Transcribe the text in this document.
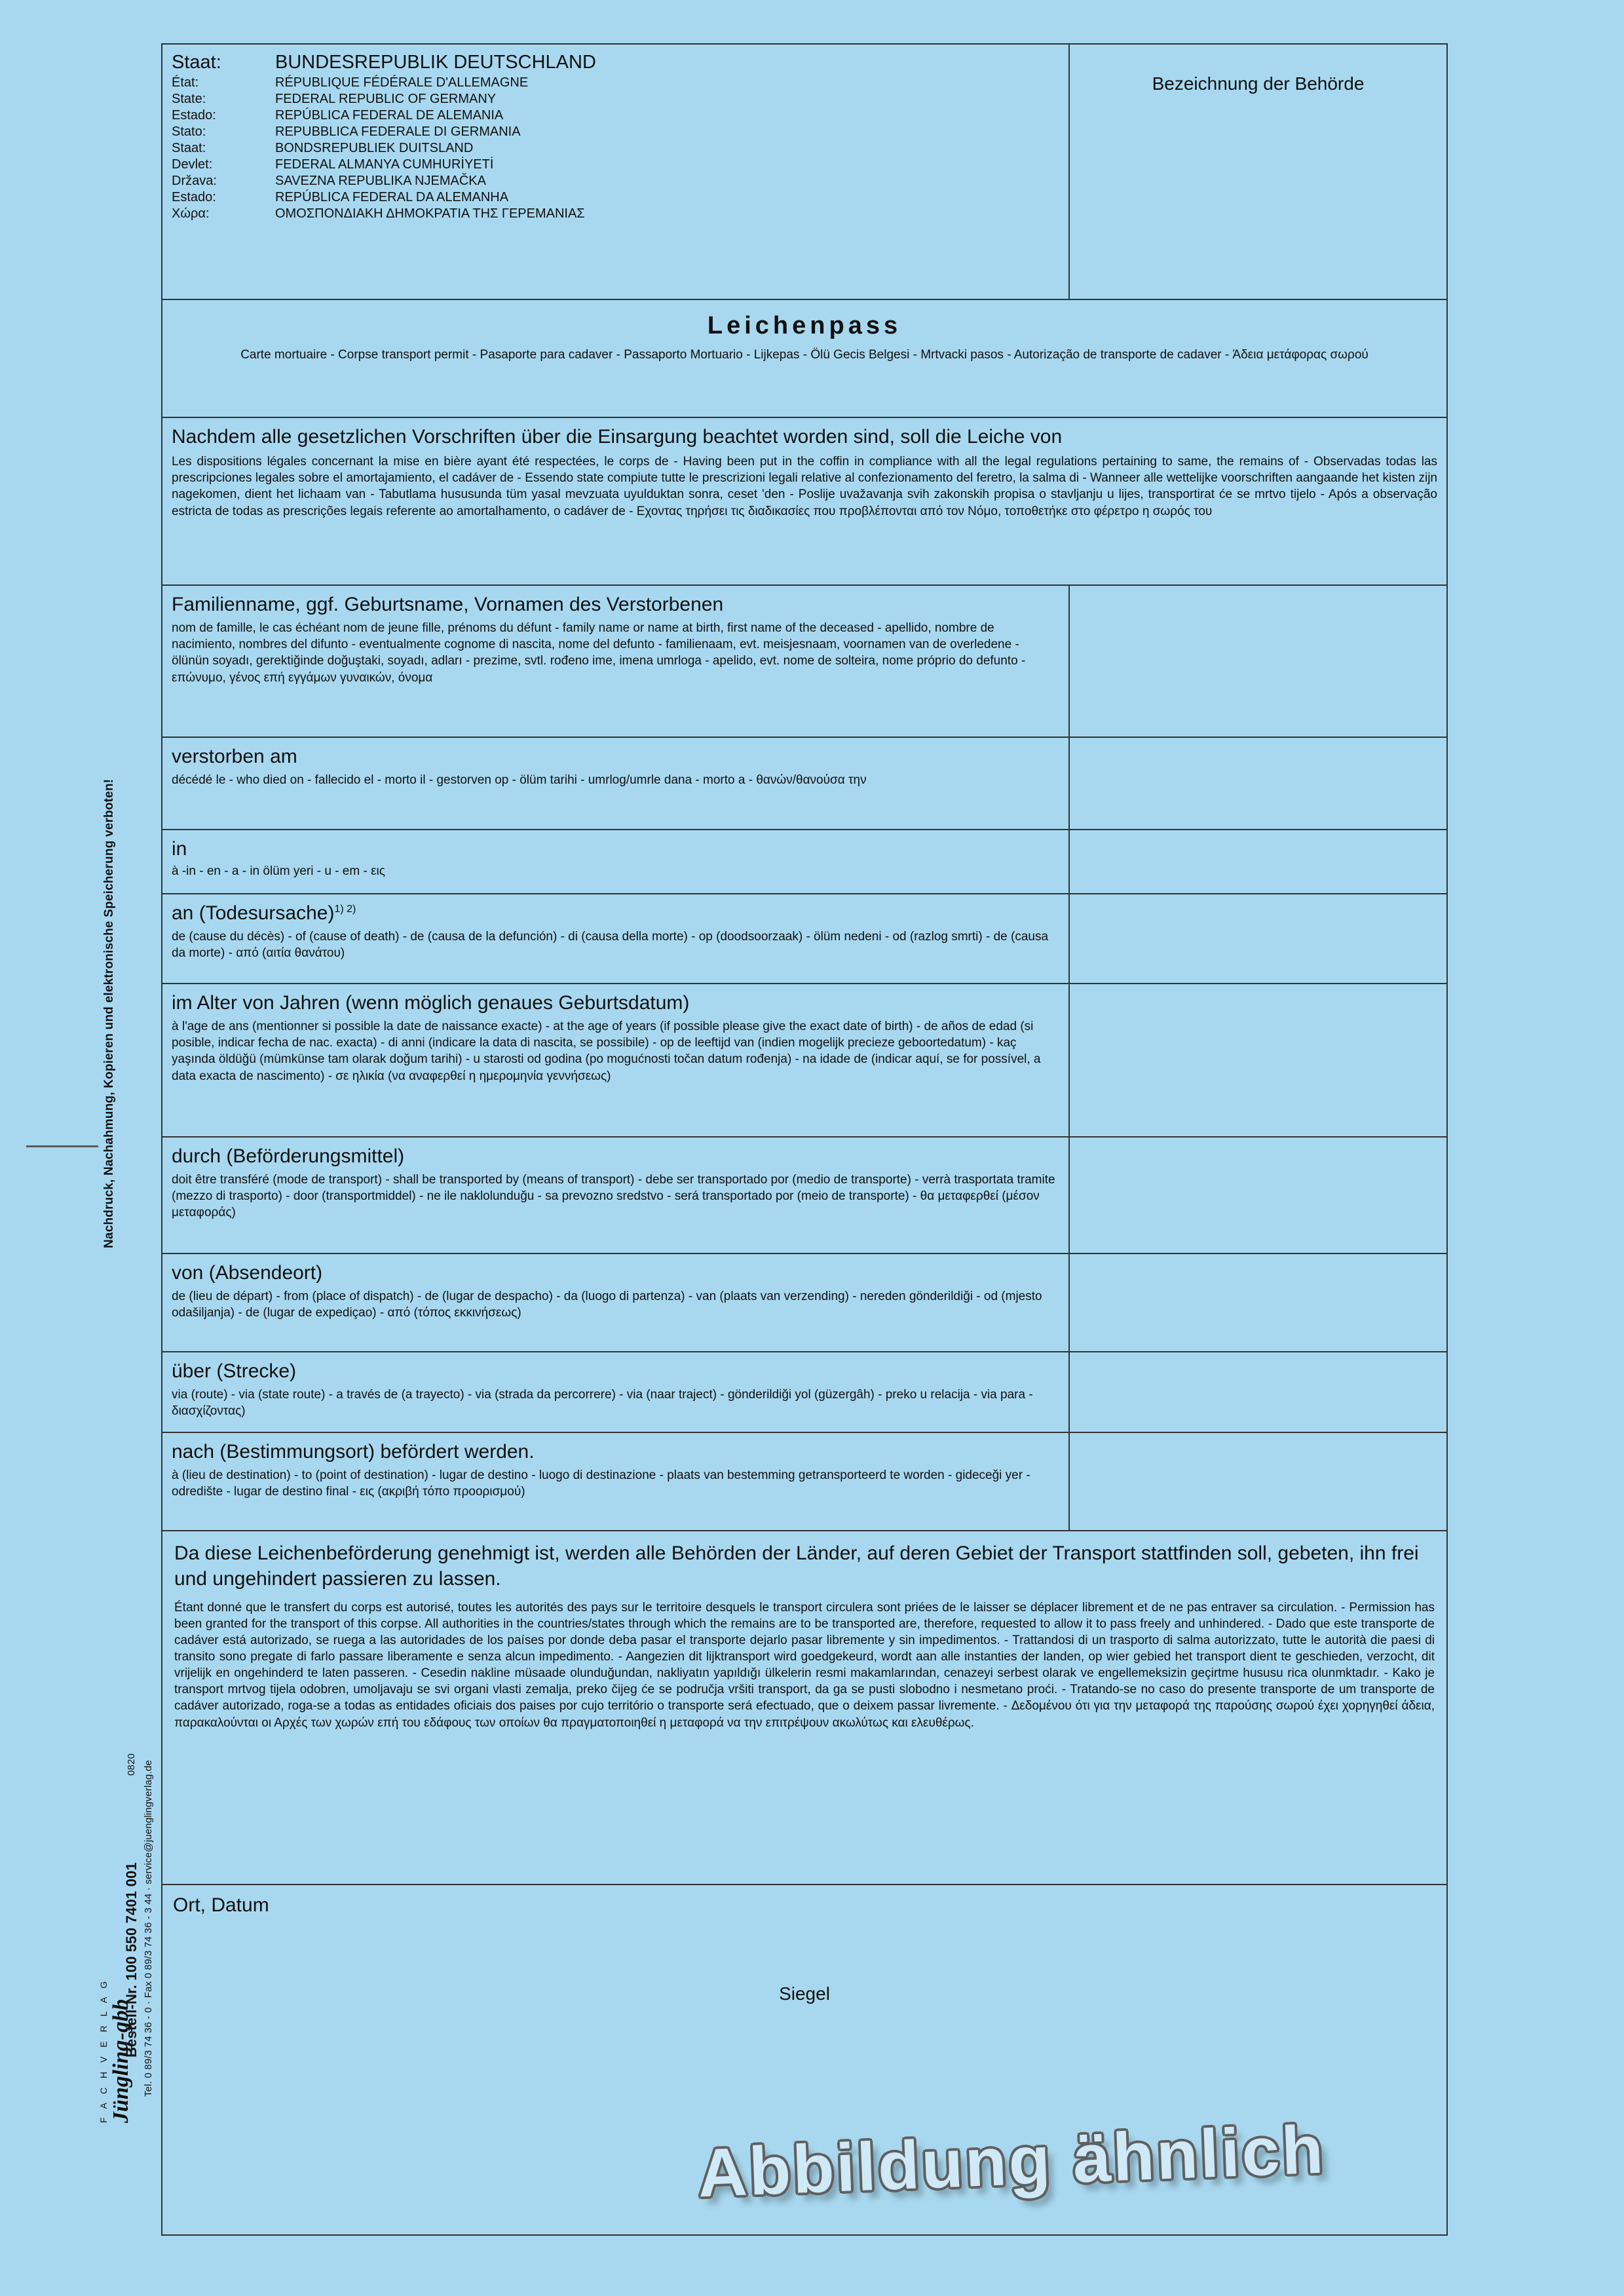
Nachdruck, Nachahmung, Kopieren und elektronische Speicherung verboten!
Bestell-Nr. 100 550 7401 001 Tel. 0 89/3 74 36 - 0 · Fax 0 89/3 74 36 - 3 44 · service@juenglingverlag.de
0820
F A C H V E R L A G Jüngling-gbb
Staat:	BUNDESREPUBLIK DEUTSCHLAND
État:	RÉPUBLIQUE FÉDÉRALE D'ALLEMAGNE
State:	FEDERAL REPUBLIC OF GERMANY
Estado:	REPÚBLICA FEDERAL DE ALEMANIA
Stato:	REPUBBLICA FEDERALE DI GERMANIA
Staat:	BONDSREPUBLIEK DUITSLAND
Devlet:	FEDERAL ALMANYA CUMHURİYETİ
Država:	SAVEZNA REPUBLIKA NJEMAČKA
Estado:	REPÚBLICA FEDERAL DA ALEMANHA
Χώρα:	ΟΜΟΣΠΟΝΔΙΑΚΗ ΔΗΜΟΚΡΑΤΙΑ ΤΗΣ ΓΕΡΕΜΑΝΙΑΣ
Bezeichnung der Behörde
Leichenpass
Carte mortuaire - Corpse transport permit - Pasaporte para cadaver - Passaporto Mortuario - Lijkepas - Ölü Gecis Belgesi - Mrtvacki pasos - Autorização de transporte de cadaver - Άδεια μετάφορας σωρού
Nachdem alle gesetzlichen Vorschriften über die Einsargung beachtet worden sind, soll die Leiche von
Les dispositions légales concernant la mise en bière ayant été respectées, le corps de - Having been put in the coffin in compliance with all the legal regulations pertaining to same, the remains of - Observadas todas las prescripciones legales sobre el amortajamiento, el cadáver de - Essendo state compiute tutte le prescrizioni legali relative al confezionamento del feretro, la salma di - Wanneer alle wettelijke voorschriften aangaande het kisten zijn nagekomen, dient het lichaam van - Tabutlama hususunda tüm yasal mevzuata uyulduktan sonra, ceset 'den - Poslije uvažavanja svih zakonskih propisa o stavljanju u lijes, transportirat će se mrtvo tijelo - Após a observação estricta de todas as prescrições legais referente ao amortalhamento, o cadáver de - Εχοντας τηρήσει τις διαδικασίες που προβλέπονται από τον Νόμο, τοποθετήκε στο φέρετρο η σωρός του
Familienname, ggf. Geburtsname, Vornamen des Verstorbenen
nom de famille, le cas échéant nom de jeune fille, prénoms du défunt - family name or name at birth, first name of the deceased - apellido, nombre de nacimiento, nombres del difunto - eventualmente cognome di nascita, nome del defunto - familienaam, evt. meisjesnaam, voornamen van de overledene - ölünün soyadı, gerektiğinde doğuştaki, soyadı, adları - prezime, svtl. rođeno ime, imena umrloga - apelido, evt. nome de solteira, nome próprio do defunto - επώνυμο, γένος επή εγγάμων γυναικών, όνομα
verstorben am
décédé le - who died on - fallecido el - morto il - gestorven op - ölüm tarihi - umrlog/umrle dana - morto a - θανών/θανούσα την
in
à -in - en - a - in ölüm yeri - u - em - εις
an (Todesursache)$^{1) 2)}$
de (cause du décès) - of (cause of death) - de (causa de la defunción) - di (causa della morte) - op (doodsoorzaak) - ölüm nedeni - od (razlog smrti) - de (causa da morte) - από (αιτία θανάτου)
im Alter von Jahren (wenn möglich genaues Geburtsdatum)
à l'age de ans (mentionner si possible la date de naissance exacte) - at the age of years (if possible please give the exact date of birth) - de años de edad (si posible, indicar fecha de nac. exacta) - di anni (indicare la data di nascita, se possibile) - op de leeftijd van (indien mogelijk precieze geboortedatum) - kaç yaşında öldüğü (mümkünse tam olarak doğum tarihi) - u starosti od godina (po mogućnosti točan datum rođenja) - na idade de (indicar aquí, se for possível, a data exacta de nascimento) - σε ηλικία (να αναφερθεί η ημερομηνία γεννήσεως)
durch (Beförderungsmittel)
doit être transféré (mode de transport) - shall be transported by (means of transport) - debe ser transportado por (medio de transporte) - verrà trasportata tramite (mezzo di trasporto) - door (transportmiddel) - ne ile naklolunduğu - sa prevozno sredstvo - será transportado por (meio de transporte) - θα μεταφερθεί (μέσον μεταφοράς)
von (Absendeort)
de (lieu de départ) - from (place of dispatch) - de (lugar de despacho) - da (luogo di partenza) - van (plaats van verzending) - nereden gönderildiği - od (mjesto odašiljanja) - de (lugar de expediçao) - από (τόπος εκκινήσεως)
über (Strecke)
via (route) - via (state route) - a través de (a trayecto) - via (strada da percorrere) - via (naar traject) - gönderildiği yol (güzergâh) - preko u relacija - via para - διασχίζοντας)
nach (Bestimmungsort) befördert werden.
à (lieu de destination) - to (point of destination) - lugar de destino - luogo di destinazione - plaats van bestemming getransporteerd te worden - gideceği yer - odredište - lugar de destino final - εις (ακριβή τόπο προορισμού)
Da diese Leichenbeförderung genehmigt ist, werden alle Behörden der Länder, auf deren Gebiet der Transport stattfinden soll, gebeten, ihn frei und ungehindert passieren zu lassen.
Étant donné que le transfert du corps est autorisé, toutes les autorités des pays sur le territoire desquels le transport circulera sont priées de le laisser se déplacer librement et de ne pas entraver sa circulation. - Permission has been granted for the transport of this corpse. All authorities in the countries/states through which the remains are to be transported are, therefore, requested to allow it to pass freely and unhindered. - Dado que este transporte de cadáver está autorizado, se ruega a las autoridades de los países por donde deba pasar el transporte dejarlo pasar libremente y sin impedimentos. - Trattandosi di un trasporto di salma autorizzato, tutte le autorità die paesi di transito sono pregate di farlo passare liberamente e senza alcun impedimento. - Aangezien dit lijktransport wird goedgekeurd, wordt aan alle instanties der landen, op wier gebied het transport dient te geschieden, verzocht, dit vrijelijk en ongehinderd te laten passeren. - Cesedin nakline müsaade olunduğundan, nakliyatın yapıldığı ülkelerin resmi makamlarından, cenazeyi serbest olarak ve engellemeksizin geçirtme hususu rica olunmktadır. - Kako je transport mrtvog tijela odobren, umoljavaju se svi organi vlasti zemalja, preko čijeg će se područja vršiti transport, da ga se pusti slobodno i nesmetano proći. - Tratando-se no caso do presente transporte de um transporte de cadáver autorizado, roga-se a todas as entidades oficiais dos paises por cujo território o transporte será efectuado, que o deixem passar livremente. - Δεδομένου ότι για την μεταφορά της παρούσης σωρού έχει χορηγηθεί άδεια, παρακαλούνται οι Αρχές των χωρών επή του εδάφους των οποίων θα πραγματοποιηθεί η μεταφορά να την επιτρέψουν ακωλύτως και ελευθέρως.
Ort, Datum
Siegel
Abbildung ähnlich
